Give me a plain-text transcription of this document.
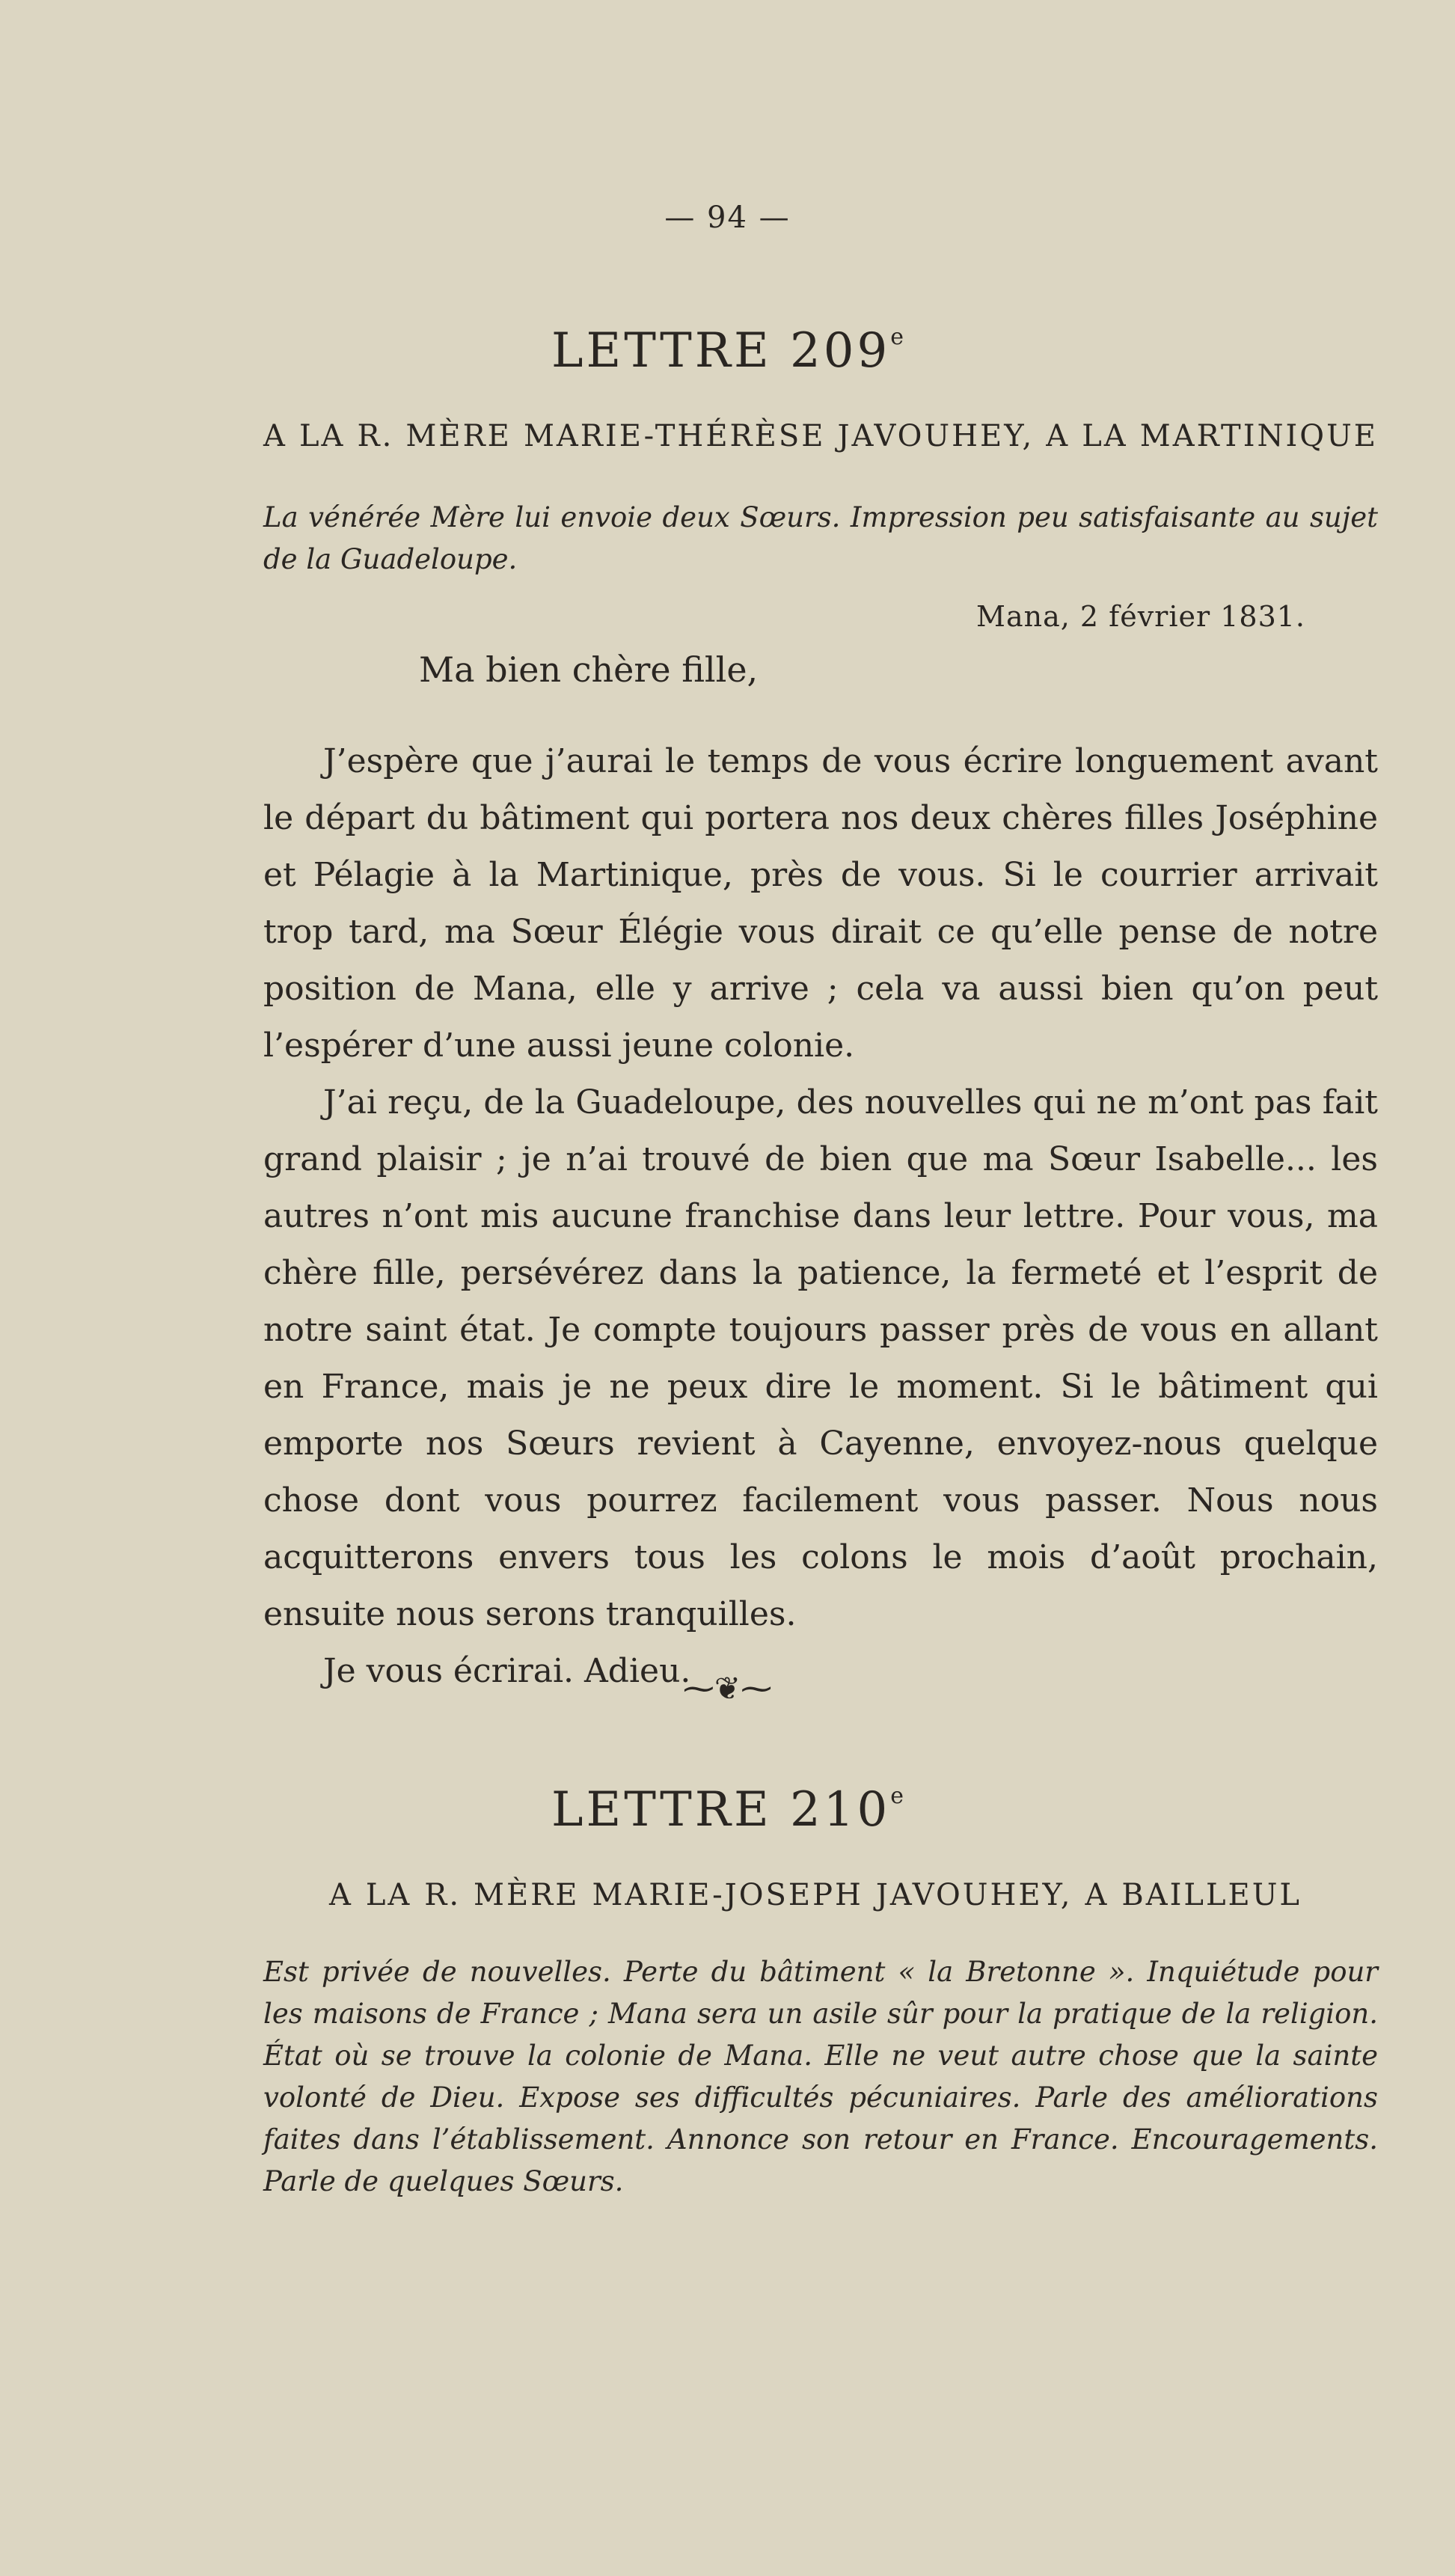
— 94 —
LETTRE 209e

A LA R. MÈRE MARIE-THÉRÈSE JAVOUHEY, A LA MARTINIQUE

La vénérée Mère lui envoie deux Sœurs. Impression peu satisfaisante au sujet de la Guadeloupe.

Mana, 2 février 1831.
Ma bien chère fille,

J’espère que j’aurai le temps de vous écrire longuement avant le départ du bâtiment qui portera nos deux chères filles Joséphine et Pélagie à la Martinique, près de vous. Si le courrier arrivait trop tard, ma Sœur Élégie vous dirait ce qu’elle pense de notre position de Mana, elle y arrive ; cela va aussi bien qu’on peut l’espérer d’une aussi jeune colonie.

J’ai reçu, de la Guadeloupe, des nouvelles qui ne m’ont pas fait grand plaisir ; je n’ai trouvé de bien que ma Sœur Isabelle... les autres n’ont mis aucune franchise dans leur lettre. Pour vous, ma chère fille, persévérez dans la patience, la fermeté et l’esprit de notre saint état. Je compte toujours passer près de vous en allant en France, mais je ne peux dire le moment. Si le bâtiment qui emporte nos Sœurs revient à Cayenne, envoyez-nous quelque chose dont vous pourrez facilement vous passer. Nous nous acquitterons envers tous les colons le mois d’août prochain, ensuite nous serons tranquilles.

Je vous écrirai. Adieu.

⁓❦⁓
LETTRE 210e

A LA R. MÈRE MARIE-JOSEPH JAVOUHEY, A BAILLEUL

Est privée de nouvelles. Perte du bâtiment « la Bretonne ». Inquiétude pour les maisons de France ; Mana sera un asile sûr pour la pratique de la religion. État où se trouve la colonie de Mana. Elle ne veut autre chose que la sainte volonté de Dieu. Expose ses difficultés pécuniaires. Parle des améliorations faites dans l’établissement. Annonce son retour en France. Encouragements. Parle de quelques Sœurs.
